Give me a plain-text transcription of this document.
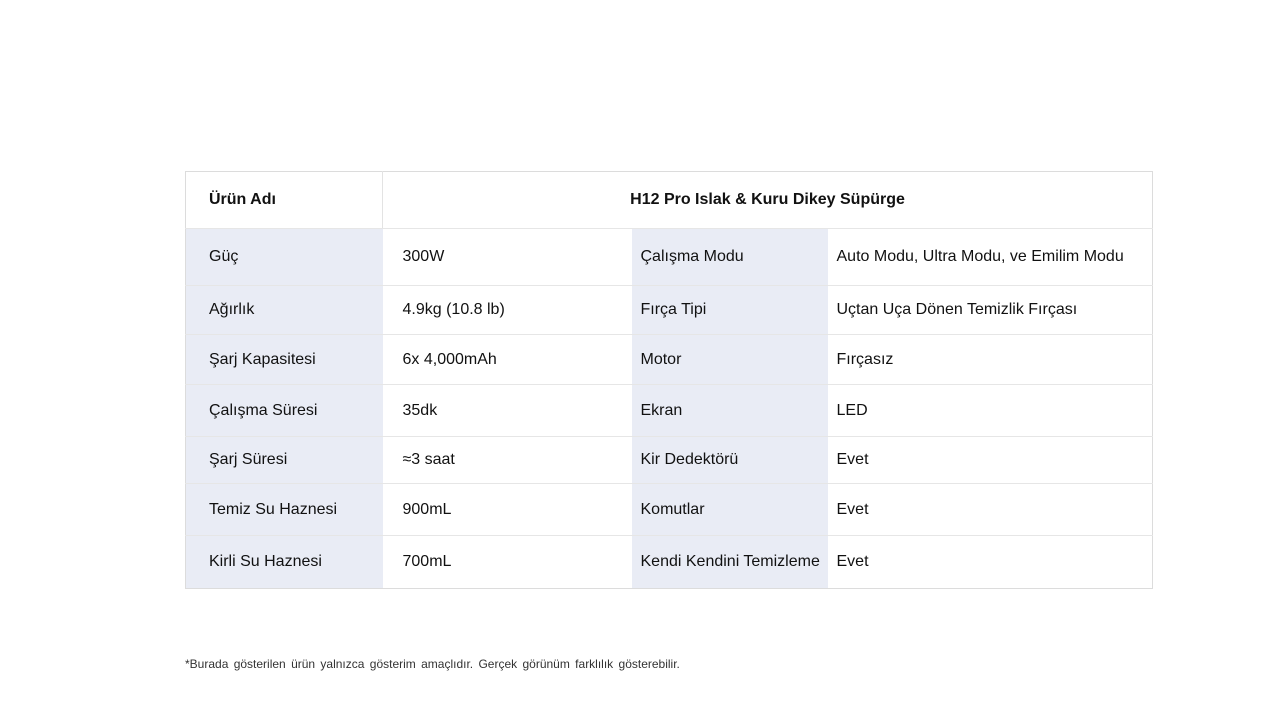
Ürün Adı	H12 Pro Islak & Kuru Dikey Süpürge		
Güç	300W	Çalışma Modu	Auto Modu, Ultra Modu, ve Emilim Modu
Ağırlık	4.9kg (10.8 lb)	Fırça Tipi	Uçtan Uça Dönen Temizlik Fırçası
Şarj Kapasitesi	6x 4,000mAh	Motor	Fırçasız
Çalışma Süresi	35dk	Ekran	LED
Şarj Süresi	≈3 saat	Kir Dedektörü	Evet
Temiz Su Haznesi	900mL	Komutlar	Evet
Kirli Su Haznesi	700mL	Kendi Kendini Temizleme	Evet
*Burada gösterilen ürün yalnızca gösterim amaçlıdır. Gerçek görünüm farklılık gösterebilir.
